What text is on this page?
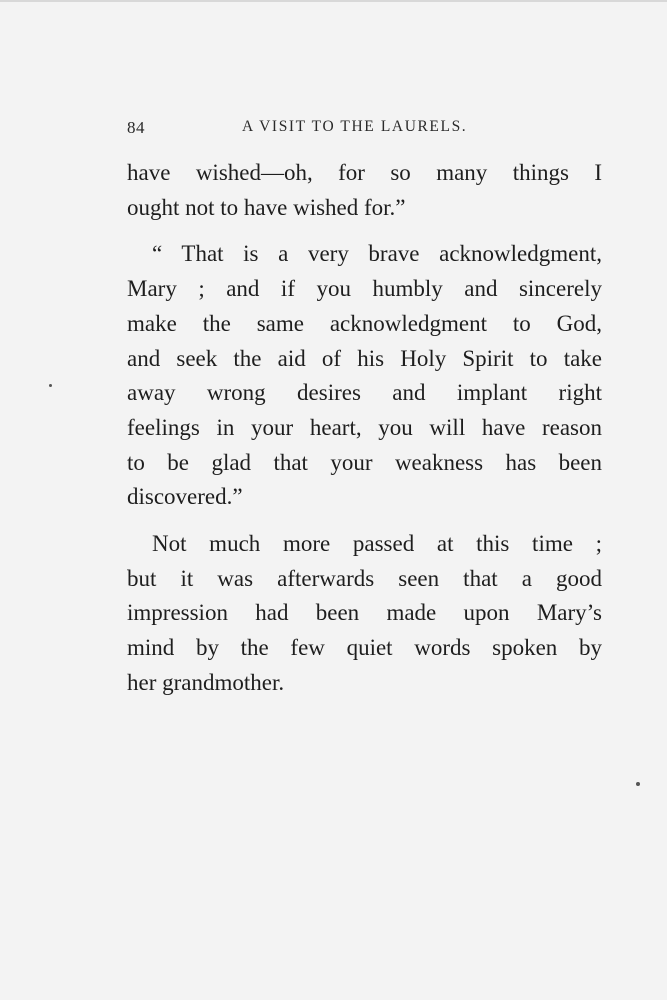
84	A VISIT TO THE LAURELS.

have wished—oh, for so many things I
ought not to have wished for.”

“ That is a very brave acknowledgment,
Mary ; and if you humbly and sincerely
make the same acknowledgment to God,
and seek the aid of his Holy Spirit to take
away wrong desires and implant right
feelings in your heart, you will have reason
to be glad that your weakness has been
discovered.”

Not much more passed at this time ;
but it was afterwards seen that a good
impression had been made upon Mary’s
mind by the few quiet words spoken by
her grandmother.
